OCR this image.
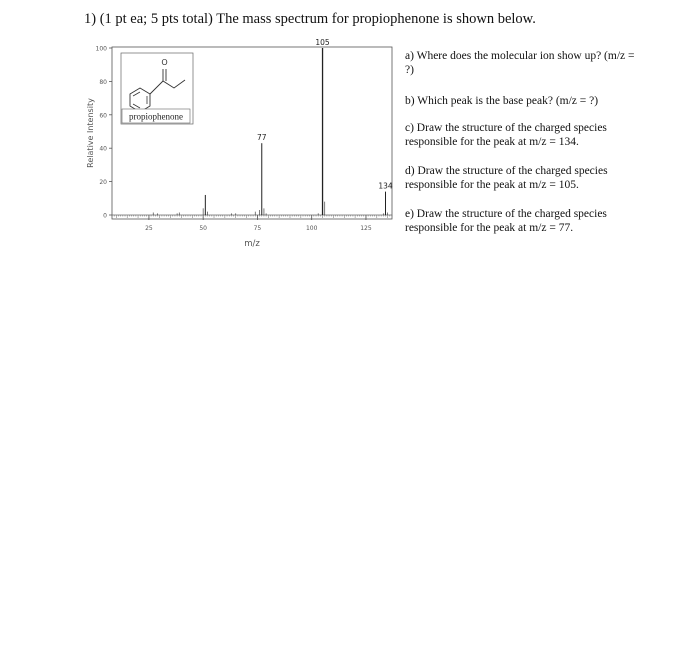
1) (1 pt ea; 5 pts total) The mass spectrum for propiophenone is shown below.
O
propiophenone
0
20
40
60
80
100
25	50	75	100	125
105
134
77
m/z
Relative Intensity
a) Where does the molecular ion show up? (m/z = ?)
b) Which peak is the base peak? (m/z = ?)
c) Draw the structure of the charged species responsible for the peak at m/z = 134.
d) Draw the structure of the charged species responsible for the peak at m/z = 105.
e) Draw the structure of the charged species responsible for the peak at m/z = 77.
